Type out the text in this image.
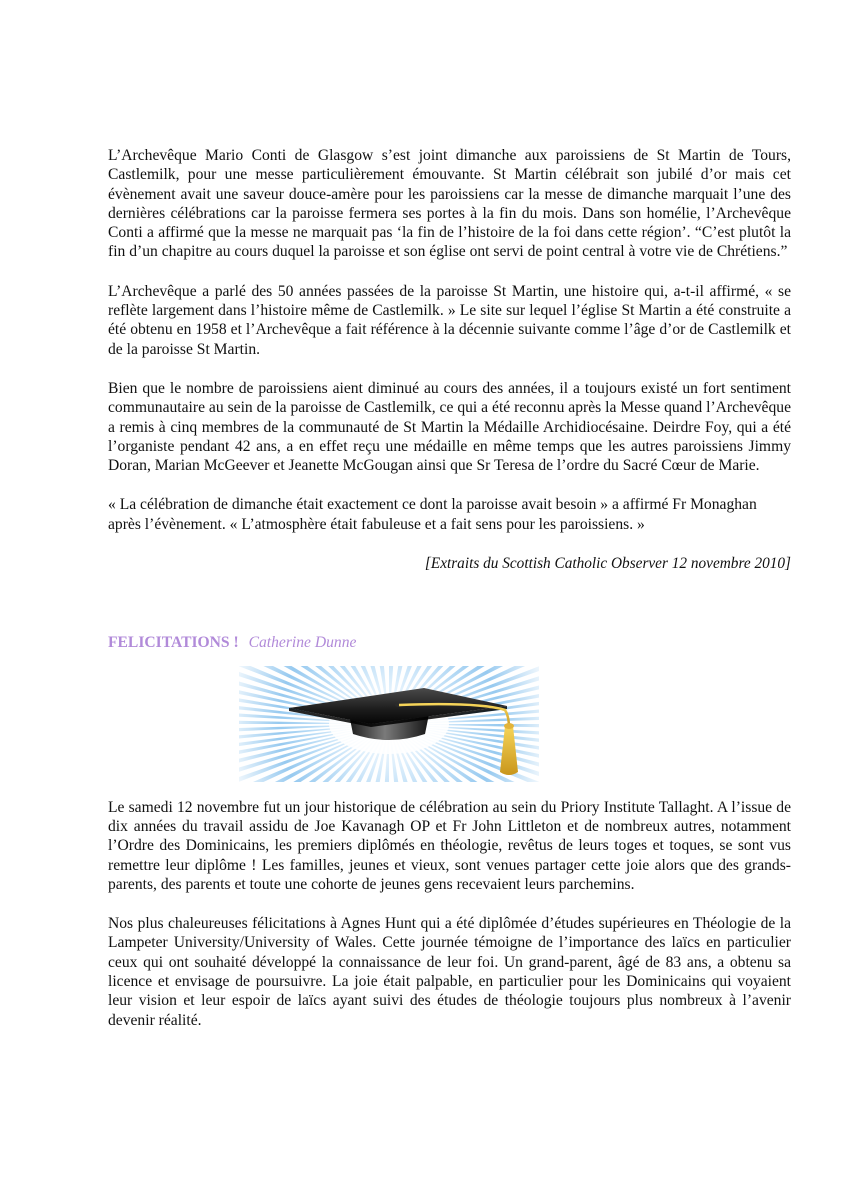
L’Archevêque Mario Conti de Glasgow s’est joint dimanche aux paroissiens de St Martin de Tours, Castlemilk, pour une messe particulièrement émouvante. St Martin célébrait son jubilé d’or mais cet évènement avait une saveur douce-amère pour les paroissiens car la messe de dimanche marquait l’une des dernières célébrations car la paroisse fermera ses portes à la fin du mois. Dans son homélie, l’Archevêque Conti a affirmé que la messe ne marquait pas ‘la fin de l’histoire de la foi dans cette région’. “C’est plutôt la fin d’un chapitre au cours duquel la paroisse et son église ont servi de point central à votre vie de Chrétiens.”

L’Archevêque a parlé des 50 années passées de la paroisse St Martin, une histoire qui, a-t-il affirmé, « se reflète largement dans l’histoire même de Castlemilk. » Le site sur lequel l’église St Martin a été construite a été obtenu en 1958 et l’Archevêque a fait référence à la décennie suivante comme l’âge d’or de Castlemilk et de la paroisse St Martin.

Bien que le nombre de paroissiens aient diminué au cours des années, il a toujours existé un fort sentiment communautaire au sein de la paroisse de Castlemilk, ce qui a été reconnu après la Messe quand l’Archevêque a remis à cinq membres de la communauté de St Martin la Médaille Archidiocésaine. Deirdre Foy, qui a été l’organiste pendant 42 ans, a en effet reçu une médaille en même temps que les autres paroissiens Jimmy Doran, Marian McGeever et Jeanette McGougan ainsi que Sr Teresa de l’ordre du Sacré Cœur de Marie.

« La célébration de dimanche était exactement ce dont la paroisse avait besoin » a affirmé Fr Monaghan après l’évènement. « L’atmosphère était fabuleuse et a fait sens pour les paroissiens. »

[Extraits du Scottish Catholic Observer 12 novembre 2010]

FELICITATIONS ! Catherine Dunne

Le samedi 12 novembre fut un jour historique de célébration au sein du Priory Institute Tallaght. A l’issue de dix années du travail assidu de Joe Kavanagh OP et Fr John Littleton et de nombreux autres, notamment l’Ordre des Dominicains, les premiers diplômés en théologie, revêtus de leurs toges et toques, se sont vus remettre leur diplôme ! Les familles, jeunes et vieux, sont venues partager cette joie alors que des grands-parents, des parents et toute une cohorte de jeunes gens recevaient leurs parchemins.

Nos plus chaleureuses félicitations à Agnes Hunt qui a été diplômée d’études supérieures en Théologie de la Lampeter University/University of Wales. Cette journée témoigne de l’importance des laïcs en particulier ceux qui ont souhaité développé la connaissance de leur foi. Un grand-parent, âgé de 83 ans, a obtenu sa licence et envisage de poursuivre. La joie était palpable, en particulier pour les Dominicains qui voyaient leur vision et leur espoir de laïcs ayant suivi des études de théologie toujours plus nombreux à l’avenir devenir réalité.
